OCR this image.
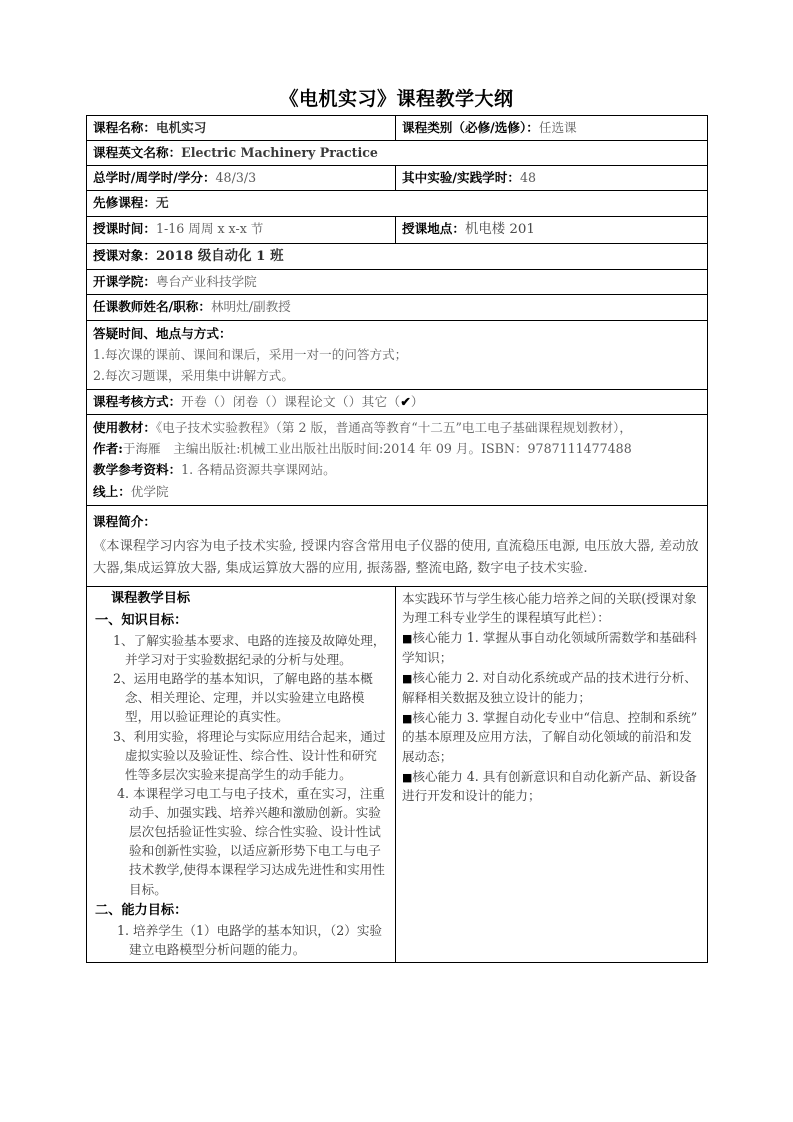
《电机实习》课程教学大纲
课程名称：电机实习	课程类别（必修/选修）：任选课
课程英文名称：Electric Machinery Practice	
总学时/周学时/学分：48/3/3	其中实验/实践学时：48
先修课程：无	
授课时间：1-16 周周 x x-x 节	授课地点：机电楼 201
授课对象：2018 级自动化 1 班	
开课学院：粤台产业科技学院	
任课教师姓名/职称：林明灶/副教授	

答疑时间、地点与方式：
1.每次课的课前、课间和课后，采用一对一的问答方式；
2.每次习题课，采用集中讲解方式。	

课程考核方式：开卷（）闭卷（）课程论文（）其它（✔）	

使用教材：《电子技术实验教程》（第 2 版，普通高等教育“十二五”电工电子基础课程规划教材），
作者:于海雁　主编出版社:机械工业出版社出版时间:2014 年 09 月。ISBN：9787111477488
教学参考资料：1. 各精品资源共享课网站。
线上：优学院	

课程简介：
《本课程学习内容为电子技术实验, 授课内容含常用电子仪器的使用, 直流稳压电源, 电压放大器, 差动放大器,集成运算放大器, 集成运算放大器的应用, 振荡器, 整流电路, 数字电子技术实验.	

课程教学目标
一、知识目标：
1、了解实验基本要求、电路的连接及故障处理，并学习对于实验数据纪录的分析与处理。
2、运用电路学的基本知识，了解电路的基本概念、相关理论、定理，并以实验建立电路模型，用以验证理论的真实性。
3、利用实验，将理论与实际应用结合起来，通过虚拟实验以及验证性、综合性、设计性和研究性等多层次实验来提高学生的动手能力。
4. 本课程学习电工与电子技术，重在实习，注重动手、加强实践、培养兴趣和激励创新。实验层次包括验证性实验、综合性实验、设计性试验和创新性实验，以适应新形势下电工与电子技术教学,使得本课程学习达成先进性和实用性目标。
二、能力目标：
1. 培养学生（1）电路学的基本知识，（2）实验建立电路模型分析问题的能力。

本实践环节与学生核心能力培养之间的关联(授课对象为理工科专业学生的课程填写此栏）：
■核心能力 1. 掌握从事自动化领域所需数学和基础科学知识；
■核心能力 2. 对自动化系统或产品的技术进行分析、解释相关数据及独立设计的能力；
■核心能力 3. 掌握自动化专业中“信息、控制和系统”的基本原理及应用方法，了解自动化领域的前沿和发展动态；
■核心能力 4. 具有创新意识和自动化新产品、新设备进行开发和设计的能力；
